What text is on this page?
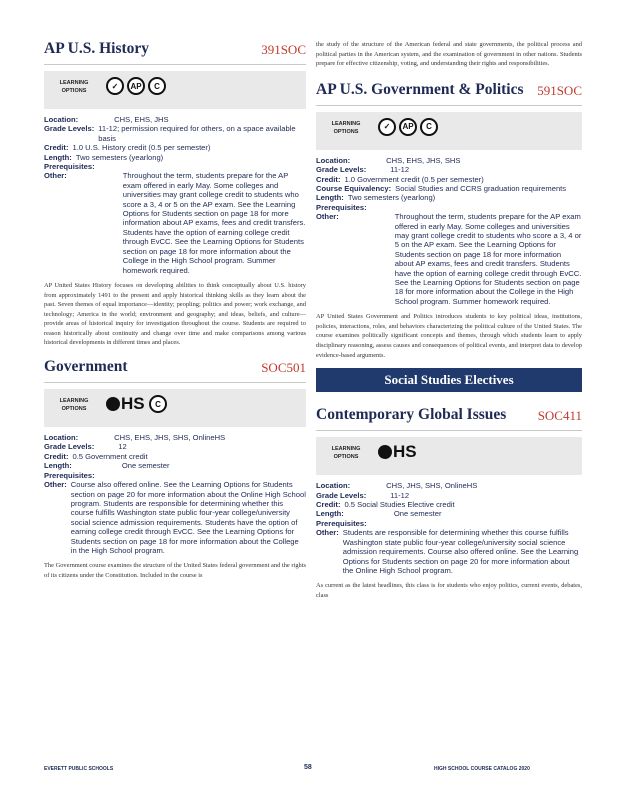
AP U.S. History	391SOC
LEARNING OPTIONS
✓	AP	C
Location:	CHS, EHS, JHS
Grade Levels: 11-12; permission required for others, on a space available basis
Credit: 1.0 U.S. History credit (0.5 per semester)
Length: Two semesters (yearlong)
Prerequisites:
Other:	Throughout the term, students prepare for the AP exam offered in early May. Some colleges and universities may grant college credit to students who score a 3, 4 or 5 on the AP exam. See the Learning Options for Students section on page 18 for more information about AP exams, fees and credit transfers. Students have the option of earning college credit through EvCC. See the Learning Options for Students section on page 18 for more information about the College in the High School program. Summer homework required.
AP United States History focuses on developing abilities to think conceptually about U.S. history from approximately 1491 to the present and apply historical thinking skills as they learn about the past. Seven themes of equal importance—identity; peopling; politics and power; work exchange, and technology; America in the world; environment and geography; and ideas, beliefs, and culture—provide areas of historical inquiry for investigation throughout the course. Students are required to reason historically about continuity and change over time and make comparisons among various historical developments in different times and places.
Government	SOC501
LEARNING OPTIONS	HS	C
Location:	CHS, EHS, JHS, SHS, OnlineHS
Grade Levels:	12
Credit: 0.5 Government credit
Length:	One semester
Prerequisites:
Other: Course also offered online. See the Learning Options for Students section on page 20 for more information about the Online High School program. Students are responsible for determining whether this course fulfills Washington state public four-year college/university social science admission requirements. Students have the option of earning college credit through EvCC. See the Learning Options for Students section on page 18 for more information about the College in the High School program.
The Government course examines the structure of the United States federal government and the rights of its citizens under the Constitution. Included in the course is
the study of the structure of the American federal and state governments, the political process and political parties in the American system, and the examination of government in other nations. Students prepare for effective citizenship, voting, and understanding their rights and responsibilities.
AP U.S. Government & Politics 591SOC
LEARNING OPTIONS
✓	AP	C
Location:	CHS, EHS, JHS, SHS
Grade Levels:	11-12
Credit: 1.0 Government credit (0.5 per semester)
Course Equivalency: Social Studies and CCRS graduation requirements
Length: Two semesters (yearlong)
Prerequisites:
Other:	Throughout the term, students prepare for the AP exam offered in early May. Some colleges and universities may grant college credit to students who score a 3, 4 or 5 on the AP exam. See the Learning Options for Students section on page 18 for more information about AP exams, fees and credit transfers. Students have the option of earning college credit through EvCC. See the Learning Options for Students section on page 18 for more information about the College in the High School program. Summer homework required.
AP United States Government and Politics introduces students to key political ideas, institutions, policies, interactions, roles, and behaviors characterizing the political culture of the United States. The course examines politically significant concepts and themes, through which students learn to apply disciplinary reasoning, assess causes and consequences of political events, and interpret data to develop evidence-based arguments.
Social Studies Electives
Contemporary Global Issues SOC411
LEARNING OPTIONS	HS
Location:	CHS, JHS, SHS, OnlineHS
Grade Levels:	11-12
Credit: 0.5 Social Studies Elective credit
Length:	One semester
Prerequisites:
Other: Students are responsible for determining whether this course fulfills Washington state public four-year college/university social science admission requirements. Course also offered online. See the Learning Options for Students section on page 20 for more information about the Online High School program.
As current as the latest headlines, this class is for students who enjoy politics, current events, debates, class
EVERETT PUBLIC SCHOOLS	58	HIGH SCHOOL COURSE CATALOG 2020
